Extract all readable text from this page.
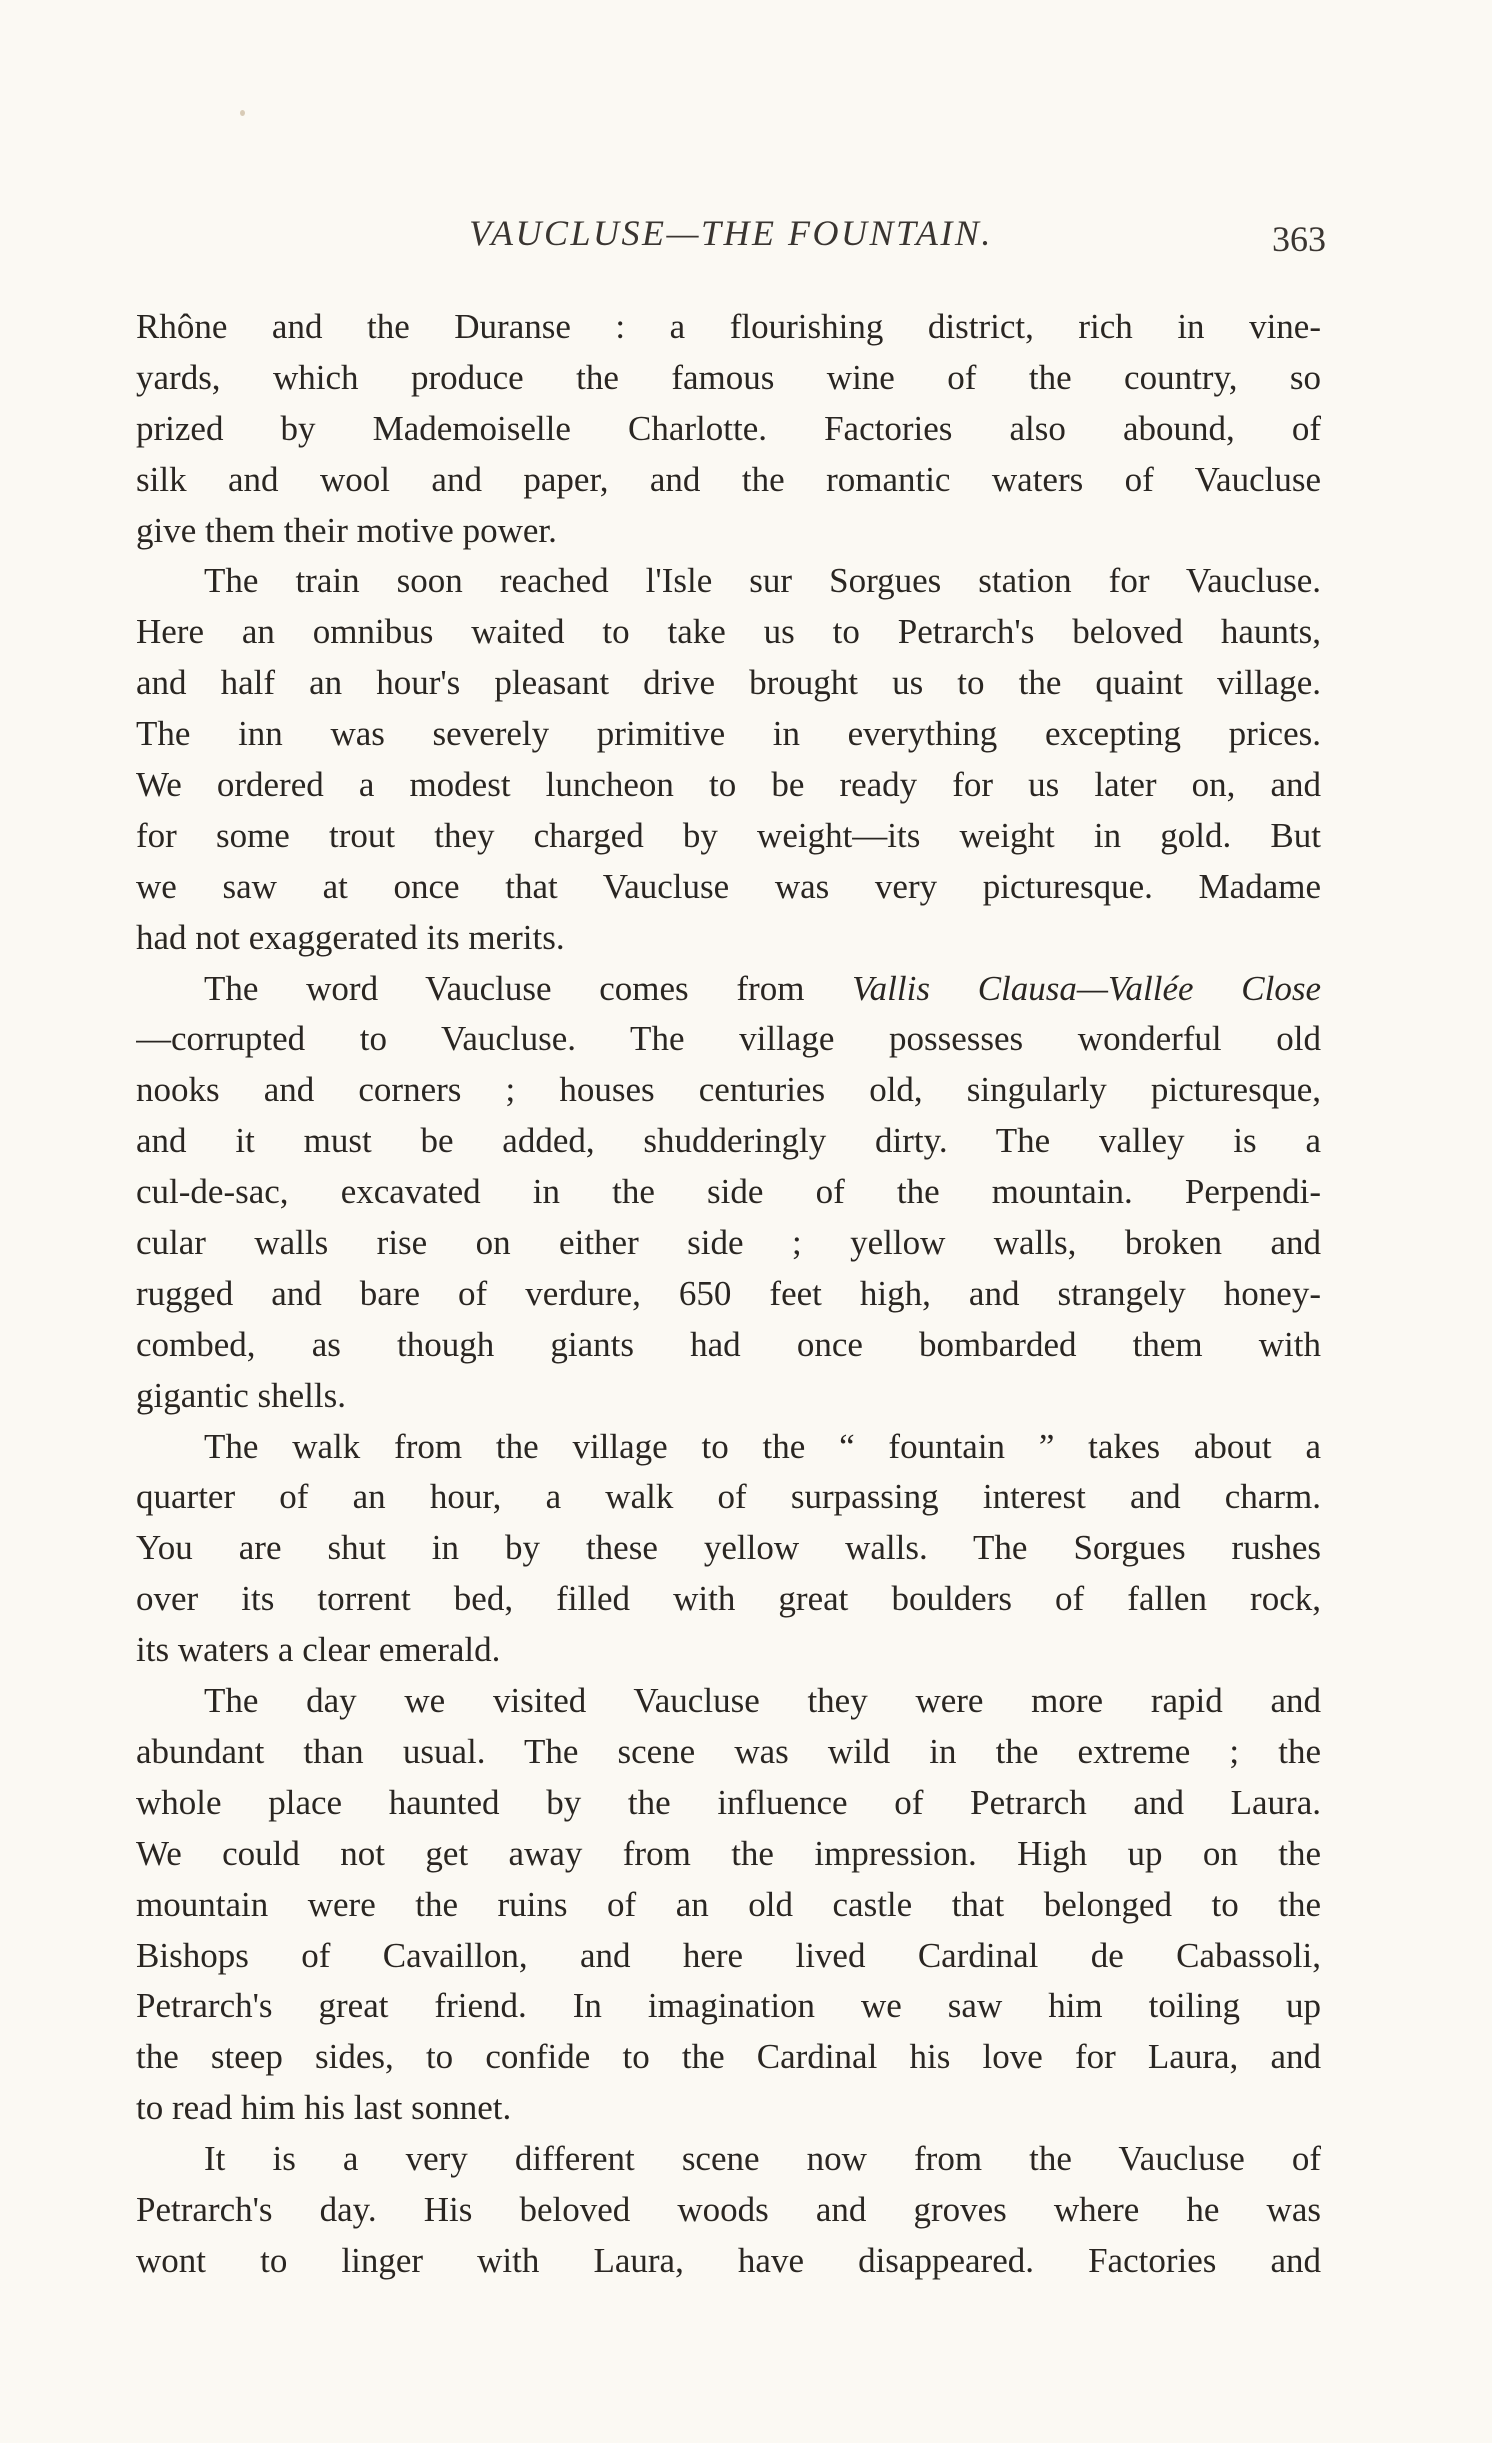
VAUCLUSE—THE FOUNTAIN.	363
Rhône and the Duranse : a flourishing district, rich in vine-
yards, which produce the famous wine of the country, so
prized by Mademoiselle Charlotte. Factories also abound, of
silk and wool and paper, and the romantic waters of Vaucluse
give them their motive power.
The train soon reached l'Isle sur Sorgues station for Vaucluse.
Here an omnibus waited to take us to Petrarch's beloved haunts,
and half an hour's pleasant drive brought us to the quaint village.
The inn was severely primitive in everything excepting prices.
We ordered a modest luncheon to be ready for us later on, and
for some trout they charged by weight—its weight in gold. But
we saw at once that Vaucluse was very picturesque. Madame
had not exaggerated its merits.
The word Vaucluse comes from Vallis Clausa—Vallée Close
—corrupted to Vaucluse. The village possesses wonderful old
nooks and corners ; houses centuries old, singularly picturesque,
and it must be added, shudderingly dirty. The valley is a
cul-de-sac, excavated in the side of the mountain. Perpendi-
cular walls rise on either side ; yellow walls, broken and
rugged and bare of verdure, 650 feet high, and strangely honey-
combed, as though giants had once bombarded them with
gigantic shells.
The walk from the village to the “ fountain ” takes about a
quarter of an hour, a walk of surpassing interest and charm.
You are shut in by these yellow walls. The Sorgues rushes
over its torrent bed, filled with great boulders of fallen rock,
its waters a clear emerald.
The day we visited Vaucluse they were more rapid and
abundant than usual. The scene was wild in the extreme ; the
whole place haunted by the influence of Petrarch and Laura.
We could not get away from the impression. High up on the
mountain were the ruins of an old castle that belonged to the
Bishops of Cavaillon, and here lived Cardinal de Cabassoli,
Petrarch's great friend. In imagination we saw him toiling up
the steep sides, to confide to the Cardinal his love for Laura, and
to read him his last sonnet.
It is a very different scene now from the Vaucluse of
Petrarch's day. His beloved woods and groves where he was
wont to linger with Laura, have disappeared. Factories and
